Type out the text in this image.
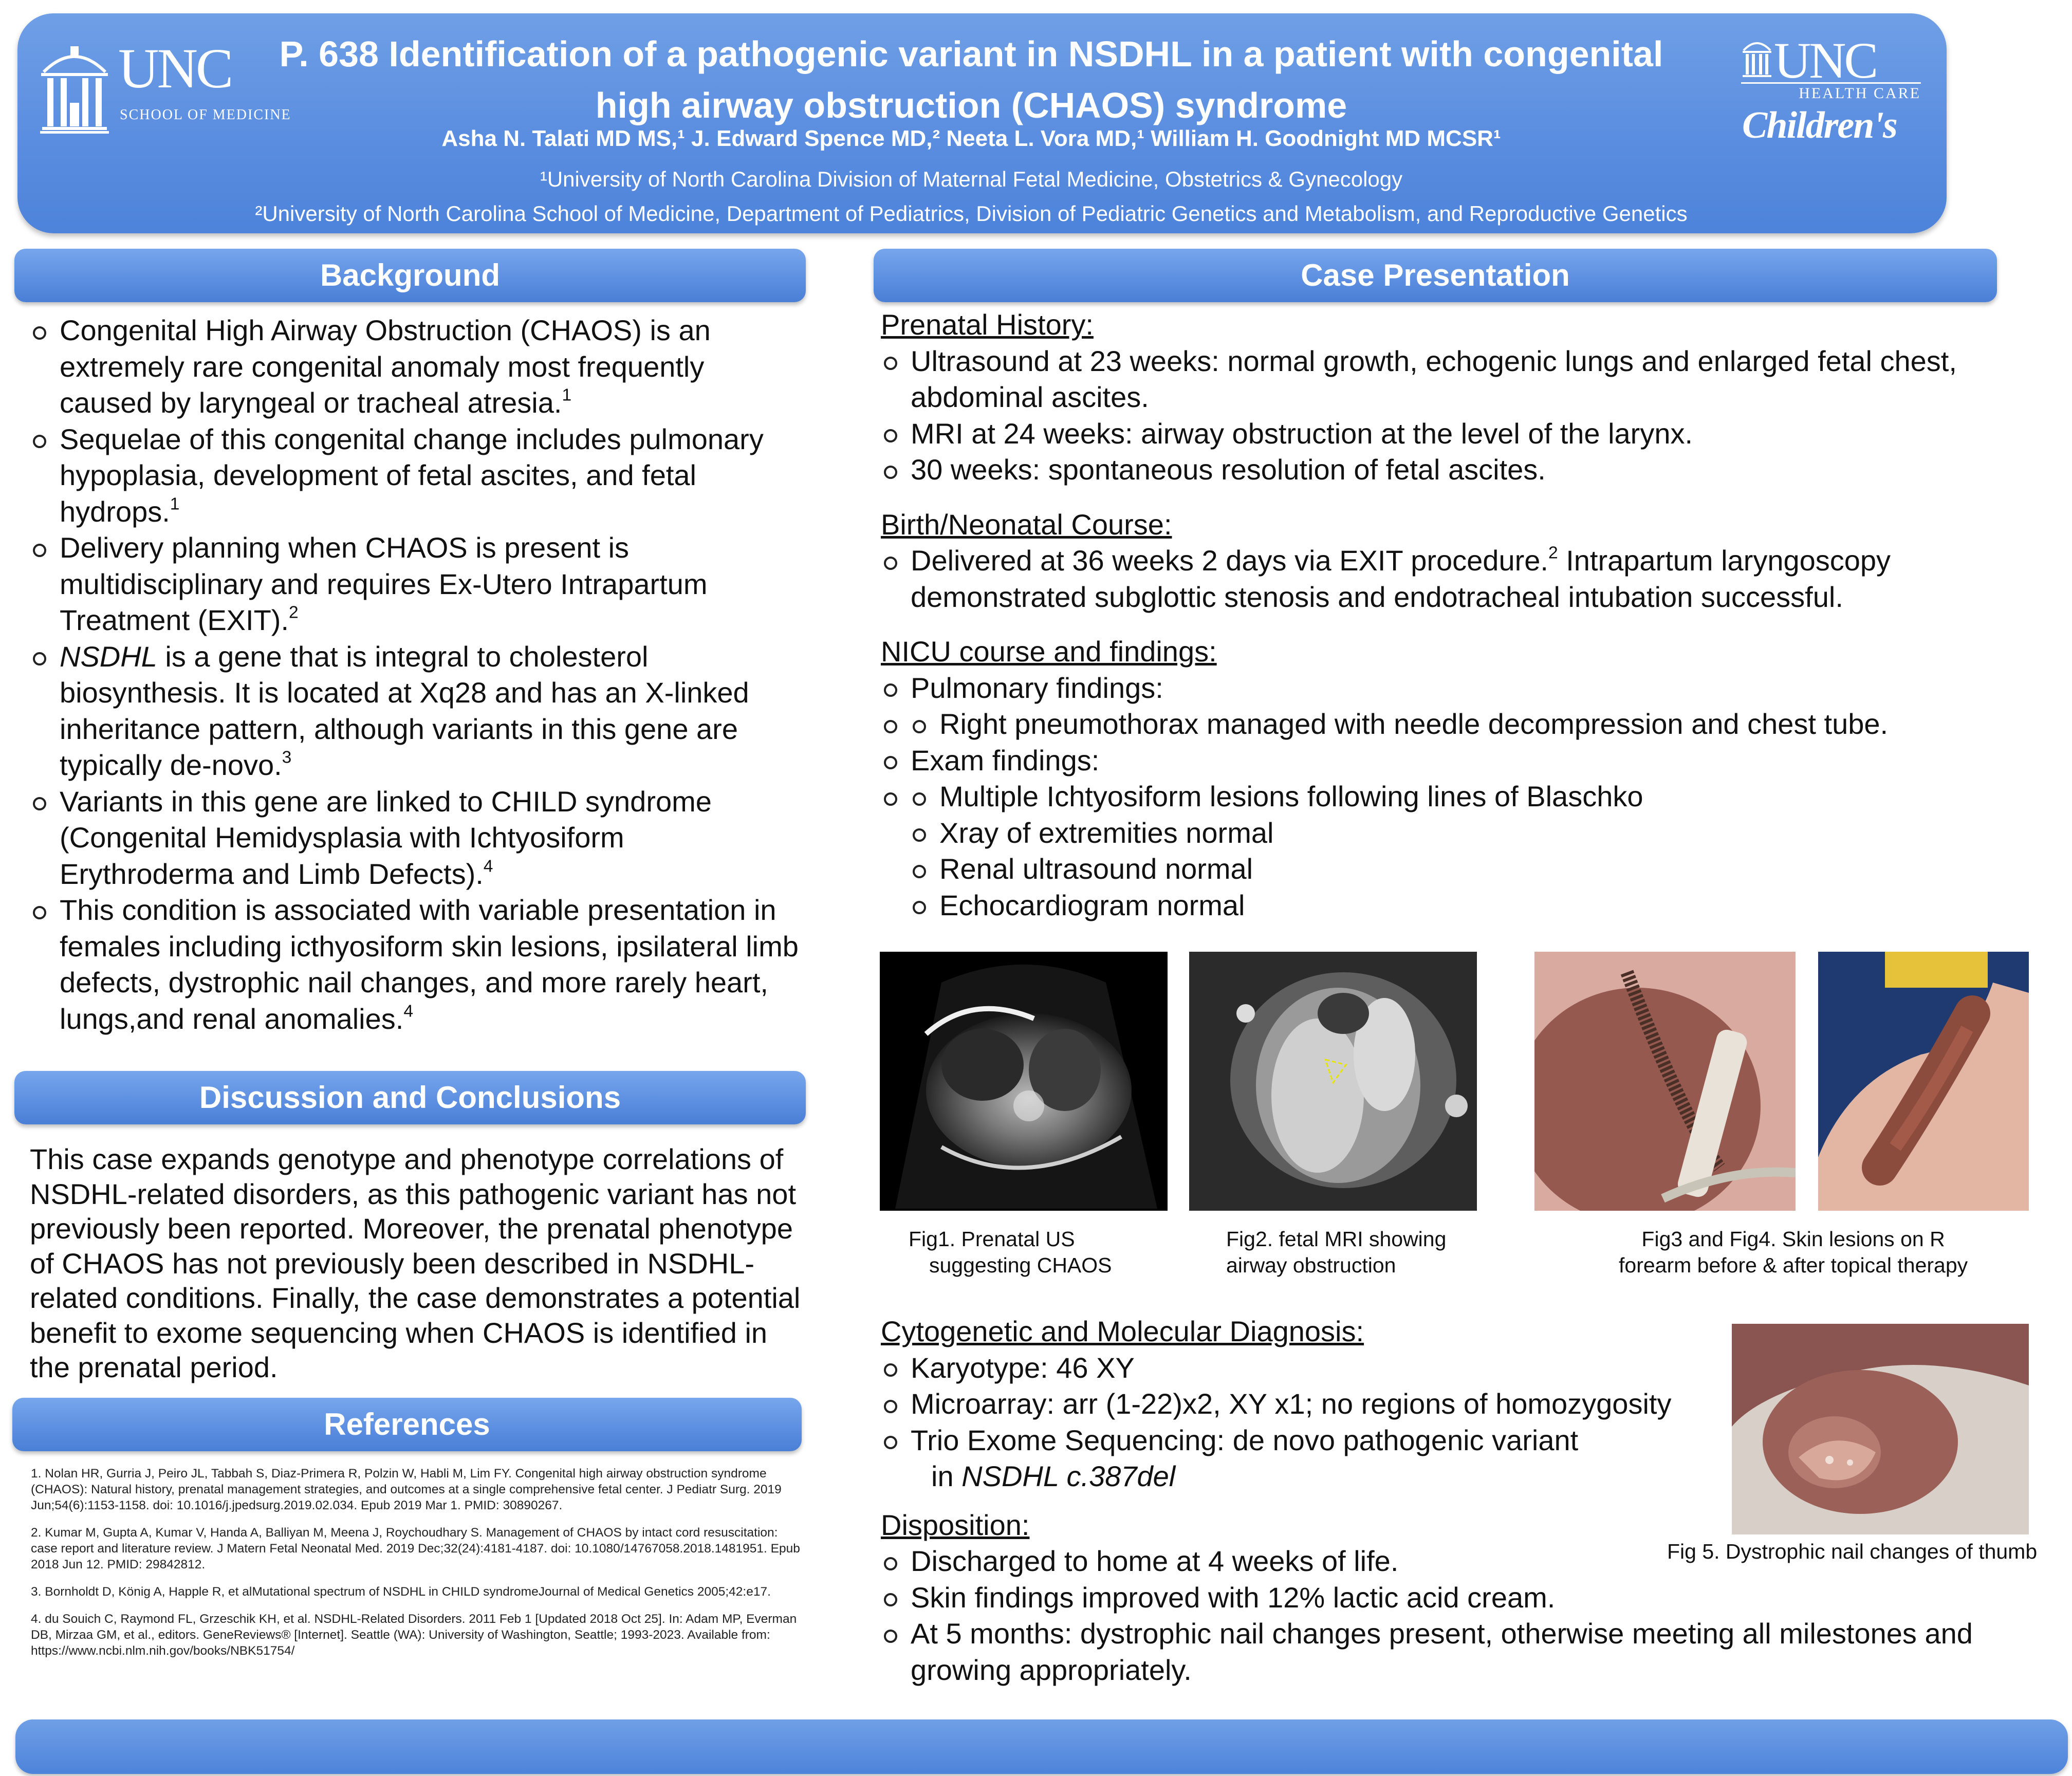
UNC
SCHOOL OF MEDICINE
UNC
HEALTH CARE
Children's
P. 638 Identification of a pathogenic variant in NSDHL in a patient with congenital
high airway obstruction (CHAOS) syndrome
Asha N. Talati MD MS,¹ J. Edward Spence MD,² Neeta L. Vora MD,¹ William H. Goodnight MD MCSR¹
¹University of North Carolina Division of Maternal Fetal Medicine, Obstetrics & Gynecology
²University of North Carolina School of Medicine, Department of Pediatrics, Division of Pediatric Genetics and Metabolism, and Reproductive Genetics
Background
Congenital High Airway Obstruction (CHAOS) is an extremely rare congenital anomaly most frequently caused by laryngeal or tracheal atresia.$^1$
Sequelae of this congenital change includes pulmonary hypoplasia, development of fetal ascites, and fetal hydrops.$^1$
Delivery planning when CHAOS is present is multidisciplinary and requires Ex-Utero Intrapartum Treatment (EXIT).$^2$
NSDHL is a gene that is integral to cholesterol biosynthesis. It is located at Xq28 and has an X-linked inheritance pattern, although variants in this gene are typically de-novo.$^3$
Variants in this gene are linked to CHILD syndrome (Congenital Hemidysplasia with Ichtyosiform Erythroderma and Limb Defects).$^4$
This condition is associated with variable presentation in females including icthyosiform skin lesions, ipsilateral limb defects, dystrophic nail changes, and more rarely heart, lungs,and renal anomalies.$^4$
Discussion and Conclusions
This case expands genotype and phenotype correlations of NSDHL-related disorders, as this pathogenic variant has not previously been reported. Moreover, the prenatal phenotype of CHAOS has not previously been described in NSDHL-related conditions. Finally, the case demonstrates a potential benefit to exome sequencing when CHAOS is identified in the prenatal period.
References

1. Nolan HR, Gurria J, Peiro JL, Tabbah S, Diaz-Primera R, Polzin W, Habli M, Lim FY. Congenital high airway obstruction syndrome (CHAOS): Natural history, prenatal management strategies, and outcomes at a single comprehensive fetal center. J Pediatr Surg. 2019 Jun;54(6):1153-1158. doi: 10.1016/j.jpedsurg.2019.02.034. Epub 2019 Mar 1. PMID: 30890267.

2. Kumar M, Gupta A, Kumar V, Handa A, Balliyan M, Meena J, Roychoudhary S. Management of CHAOS by intact cord resuscitation: case report and literature review. J Matern Fetal Neonatal Med. 2019 Dec;32(24):4181-4187. doi: 10.1080/14767058.2018.1481951. Epub 2018 Jun 12. PMID: 29842812.

3. Bornholdt D, König A, Happle R, et alMutational spectrum of NSDHL in CHILD syndromeJournal of Medical Genetics 2005;42:e17.

4. du Souich C, Raymond FL, Grzeschik KH, et al. NSDHL-Related Disorders. 2011 Feb 1 [Updated 2018 Oct 25]. In: Adam MP, Everman DB, Mirzaa GM, et al., editors. GeneReviews® [Internet]. Seattle (WA): University of Washington, Seattle; 1993-2023. Available from: https://www.ncbi.nlm.nih.gov/books/NBK51754/

Case Presentation
Prenatal History:
Ultrasound at 23 weeks: normal growth, echogenic lungs and enlarged fetal chest, abdominal ascites.
MRI at 24 weeks: airway obstruction at the level of the larynx.
30 weeks: spontaneous resolution of fetal ascites.
Birth/Neonatal Course:
Delivered at 36 weeks 2 days via EXIT procedure.$^2$ Intrapartum laryngoscopy demonstrated subglottic stenosis and endotracheal intubation successful.
NICU course and findings:
Pulmonary findings:
Right pneumothorax managed with needle decompression and chest tube.
Exam findings:
Multiple Ichtyosiform lesions following lines of Blaschko
Xray of extremities normal
Renal ultrasound normal
Echocardiogram normal
Fig1. Prenatal US
suggesting CHAOS
Fig2. fetal MRI showing
airway obstruction
Fig3 and Fig4. Skin lesions on R
forearm before & after topical therapy
Cytogenetic and Molecular Diagnosis:
Karyotype: 46 XY
Microarray: arr (1-22)x2, XY x1; no regions of homozygosity
Trio Exome Sequencing: de novo pathogenic variant
in NSDHL c.387del
Disposition:
Discharged to home at 4 weeks of life.
Skin findings improved with 12% lactic acid cream.
At 5 months: dystrophic nail changes present, otherwise meeting all milestones and growing appropriately.
Fig 5. Dystrophic nail changes of thumb
